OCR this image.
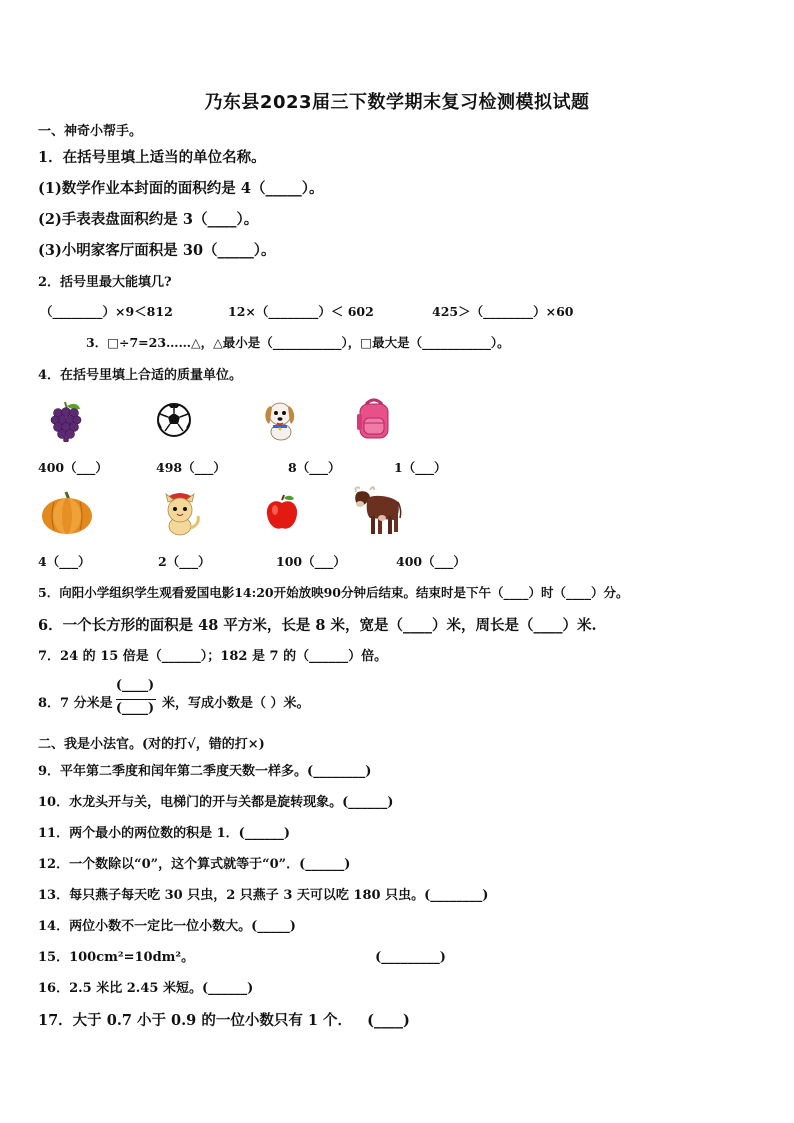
乃东县2023届三下数学期末复习检测模拟试题
一、神奇小帮手。
1．在括号里填上适当的单位名称。
(1)数学作业本封面的面积约是 4（_____）。
(2)手表表盘面积约是 3（____）。
(3)小明家客厅面积是 30（_____）。
2．括号里最大能填几?
（________）×9＜812	12×（________）＜ 602	425＞（________）×60
3．□÷7=23……△，△最小是（___________），□最大是（___________）。
4．在括号里填上合适的质量单位。
400（___）	498（___）	8（___）	1（___）
4（___）	2（___）	100（___）	400（___）
5．向阳小学组织学生观看爱国电影14:20开始放映90分钟后结束。结束时是下午（____）时（____）分。
6．一个长方形的面积是 48 平方米，长是 8 米，宽是（____）米，周长是（____）米.
7．24 的 15 倍是（______）；182 是 7 的（______）倍。
8．7 分米是
(____)
(____) 米，写成小数是（ ）米。
二、我是小法官。(对的打√，错的打×)
9．平年第二季度和闰年第二季度天数一样多。(________)
10．水龙头开与关，电梯门的开与关都是旋转现象。(______)
11．两个最小的两位数的积是 1．(______)
12．一个数除以“0”，这个算式就等于“0”．(______)
13．每只燕子每天吃 30 只虫，2 只燕子 3 天可以吃 180 只虫。(________)
14．两位小数不一定比一位小数大。(_____)
15．100cm²=10dm²。                                        (_________)
16．2.5 米比 2.45 米短。(______)
17．大于 0.7 小于 0.9 的一位小数只有 1 个．   (____)
